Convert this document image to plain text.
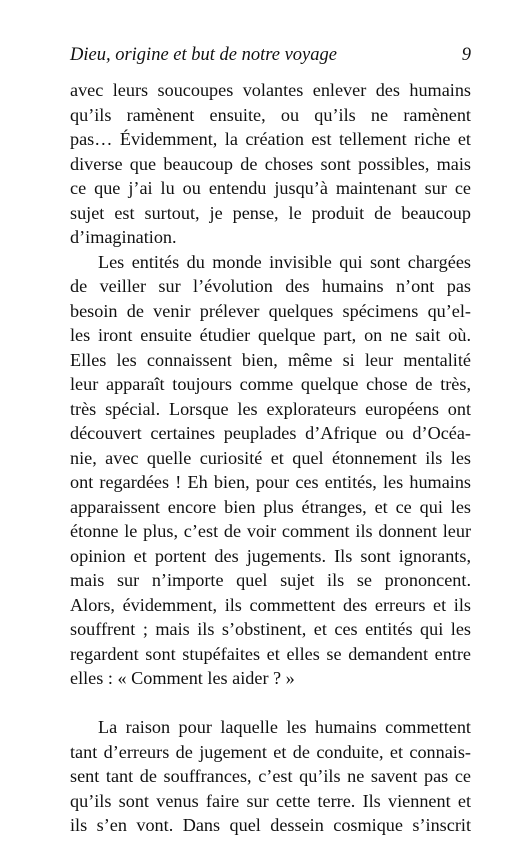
Dieu, origine et but de notre voyage	9
avec leurs soucoupes volantes enlever des humains
qu’ils ramènent ensuite, ou qu’ils ne ramènent
pas… Évidemment, la création est tellement riche et
diverse que beaucoup de choses sont possibles, mais
ce que j’ai lu ou entendu jusqu’à maintenant sur ce
sujet est surtout, je pense, le produit de beaucoup
d’imagination.
Les entités du monde invisible qui sont chargées
de veiller sur l’évolution des humains n’ont pas
besoin de venir prélever quelques spécimens qu’el-
les iront ensuite étudier quelque part, on ne sait où.
Elles les connaissent bien, même si leur mentalité
leur apparaît toujours comme quelque chose de très,
très spécial. Lorsque les explorateurs européens ont
découvert certaines peuplades d’Afrique ou d’Océa-
nie, avec quelle curiosité et quel étonnement ils les
ont regardées ! Eh bien, pour ces entités, les humains
apparaissent encore bien plus étranges, et ce qui les
étonne le plus, c’est de voir comment ils donnent leur
opinion et portent des jugements. Ils sont ignorants,
mais sur n’importe quel sujet ils se prononcent.
Alors, évidemment, ils commettent des erreurs et ils
souffrent ; mais ils s’obstinent, et ces entités qui les
regardent sont stupéfaites et elles se demandent entre
elles : « Comment les aider ? »
La raison pour laquelle les humains commettent
tant d’erreurs de jugement et de conduite, et connais-
sent tant de souffrances, c’est qu’ils ne savent pas ce
qu’ils sont venus faire sur cette terre. Ils viennent et
ils s’en vont. Dans quel dessein cosmique s’inscrit
